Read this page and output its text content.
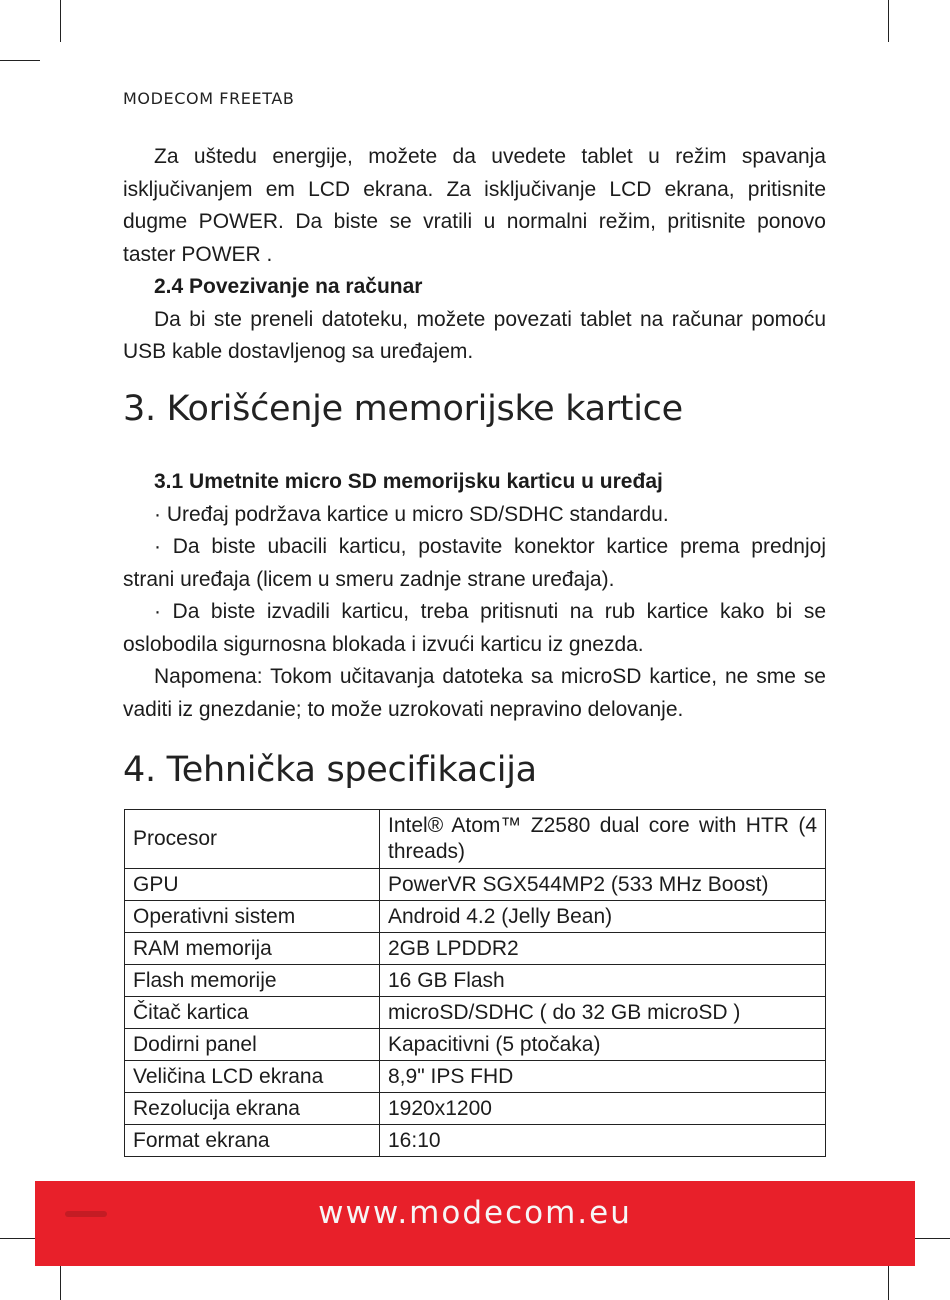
MODECOM FREETAB

Za uštedu energije, možete da uvedete tablet u režim spavanja isključivanjem em LCD ekrana. Za isključivanje LCD ekrana, pritisnite dugme POWER. Da biste se vratili u normalni režim, pritisnite ponovo taster POWER .

2.4 Povezivanje na računar

Da bi ste preneli datoteku, možete povezati tablet na računar pomoću USB kable dostavljenog sa uređajem.

3. Korišćenje memorijske kartice

3.1 Umetnite micro SD memorijsku karticu u uređaj

· Uređaj podržava kartice u micro SD/SDHC standardu.

· Da biste ubacili karticu, postavite konektor kartice prema prednjoj strani uređaja (licem u smeru zadnje strane uređaja).

· Da biste izvadili karticu, treba pritisnuti na rub kartice kako bi se oslobodila sigurnosna blokada i izvući karticu iz gnezda.

Napomena: Tokom učitavanja datoteka sa microSD kartice, ne sme se vaditi iz gnezdanie; to može uzrokovati nepravino delovanje.

4. Tehnička specifikacija
Procesor	Intel® Atom™ Z2580 dual core with HTR (4 threads)
GPU	PowerVR SGX544MP2 (533 MHz Boost)
Operativni sistem	Android 4.2 (Jelly Bean)
RAM memorija	2GB LPDDR2
Flash memorije	16 GB Flash
Čitač kartica	microSD/SDHC ( do 32 GB microSD )
Dodirni panel	Kapacitivni (5 ptočaka)
Veličina LCD ekrana	8,9" IPS FHD
Rezolucija ekrana	1920x1200
Format ekrana	16:10
www.modecom.eu
